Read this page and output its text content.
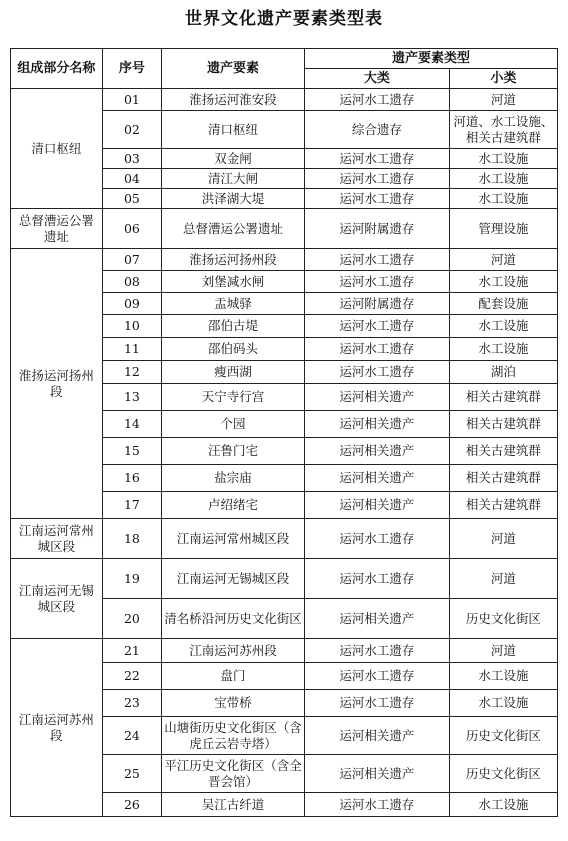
世界文化遗产要素类型表
组成部分名称	序号	遗产要素	遗产要素类型	
			大类	小类
清口枢纽	01	淮扬运河淮安段	运河水工遗存	河道
	02	清口枢纽	综合遗存	河道、水工设施、相关古建筑群
	03	双金闸	运河水工遗存	水工设施
	04	清江大闸	运河水工遗存	水工设施
	05	洪泽湖大堤	运河水工遗存	水工设施
总督漕运公署遗址	06	总督漕运公署遗址	运河附属遗存	管理设施
淮扬运河扬州段	07	淮扬运河扬州段	运河水工遗存	河道
	08	刘堡减水闸	运河水工遗存	水工设施
	09	盂城驿	运河附属遗存	配套设施
	10	邵伯古堤	运河水工遗存	水工设施
	11	邵伯码头	运河水工遗存	水工设施
	12	瘦西湖	运河水工遗存	湖泊
	13	天宁寺行宫	运河相关遗产	相关古建筑群
	14	个园	运河相关遗产	相关古建筑群
	15	汪鲁门宅	运河相关遗产	相关古建筑群
	16	盐宗庙	运河相关遗产	相关古建筑群
	17	卢绍绪宅	运河相关遗产	相关古建筑群
江南运河常州城区段	18	江南运河常州城区段	运河水工遗存	河道
江南运河无锡城区段	19	江南运河无锡城区段	运河水工遗存	河道
	20	清名桥沿河历史文化街区	运河相关遗产	历史文化街区
江南运河苏州段	21	江南运河苏州段	运河水工遗存	河道
	22	盘门	运河水工遗存	水工设施
	23	宝带桥	运河水工遗存	水工设施
	24	山塘街历史文化街区（含虎丘云岩寺塔）	运河相关遗产	历史文化街区
	25	平江历史文化街区（含全晋会馆）	运河相关遗产	历史文化街区
	26	吴江古纤道	运河水工遗存	水工设施
